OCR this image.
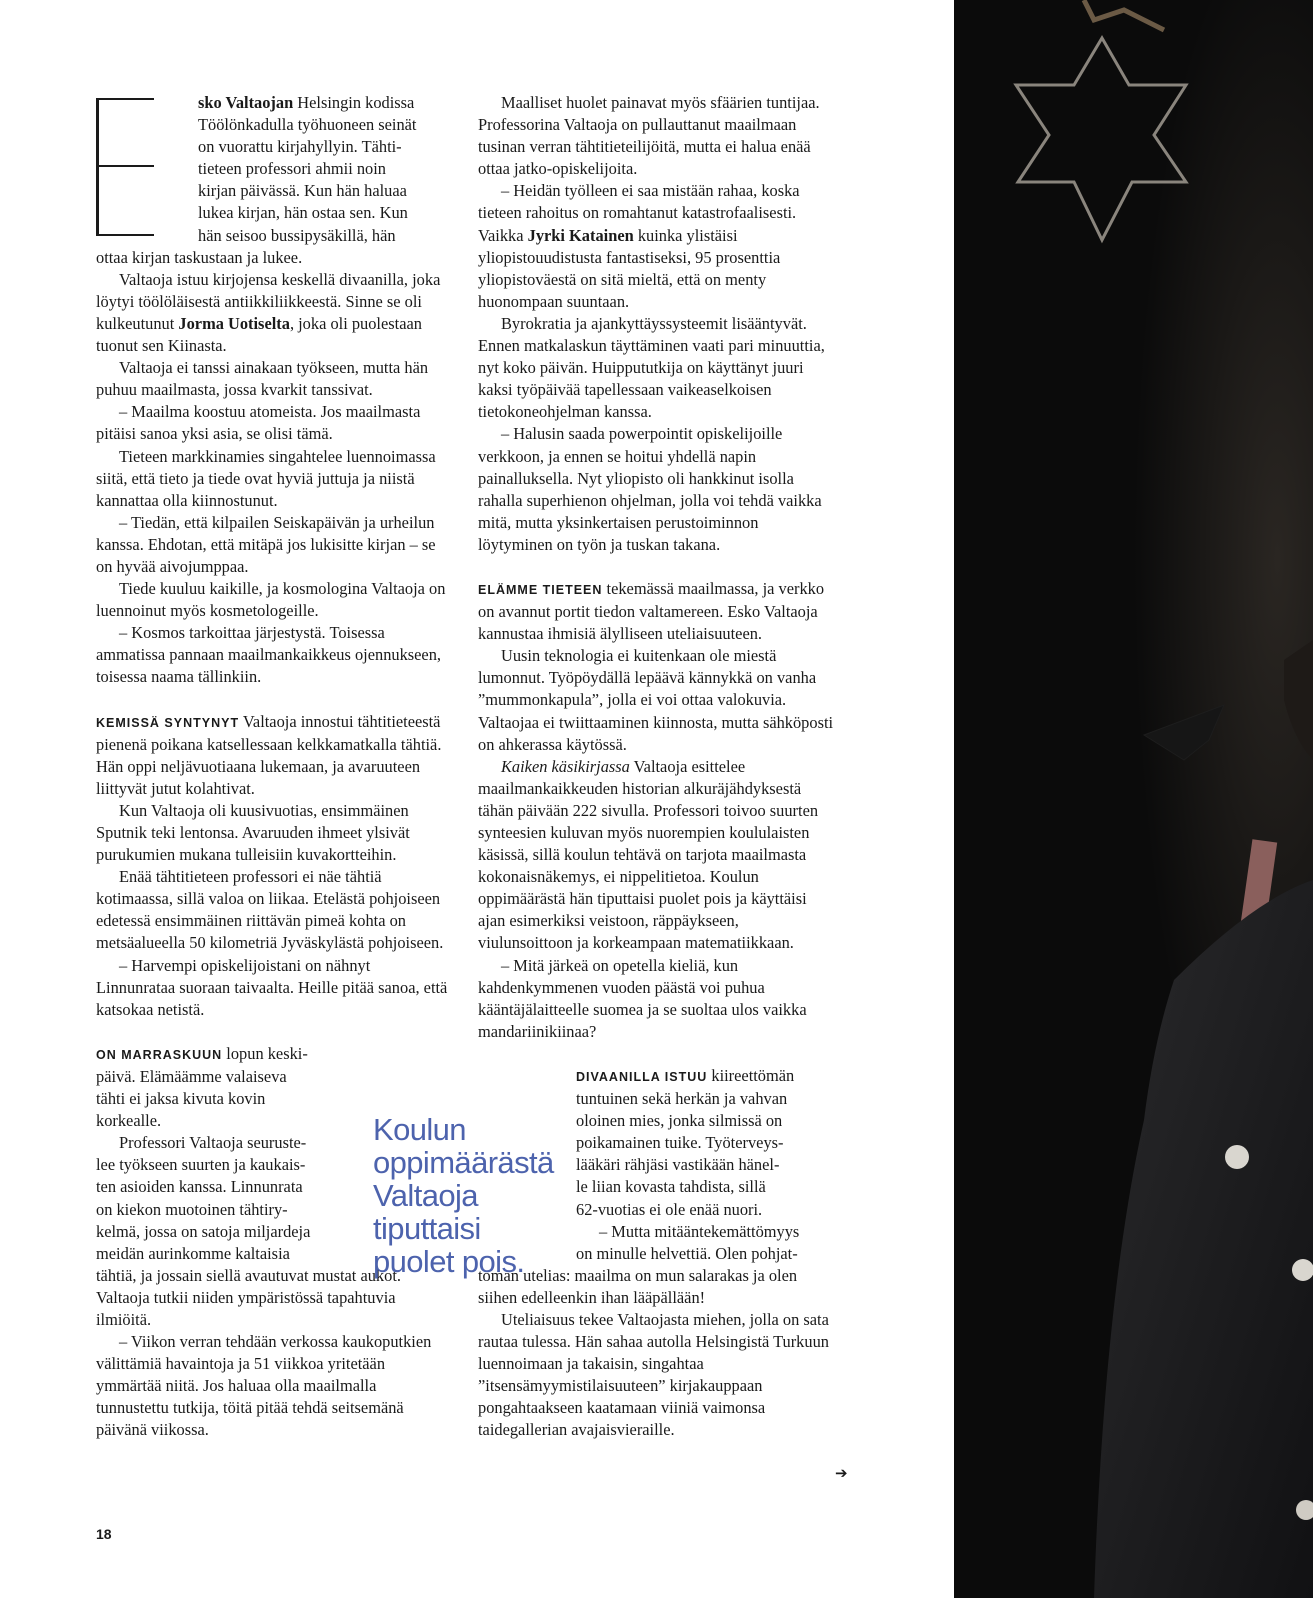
sko Valtaojan Helsingin kodissa
Töölönkadulla työhuoneen seinät
on vuorattu kirjahyllyin. Tähti-
tieteen professori ahmii noin
kirjan päivässä. Kun hän haluaa
lukea kirjan, hän ostaa sen. Kun
hän seisoo bussipysäkillä, hän
ottaa kirjan taskustaan ja lukee.

Valtaoja istuu kirjojensa keskellä divaanilla, joka löytyi töölöläisestä antiikkiliikkeestä. Sinne se oli kulkeutunut Jorma Uotiselta, joka oli puolestaan tuonut sen Kiinasta.

Valtaoja ei tanssi ainakaan työkseen, mutta hän puhuu maailmasta, jossa kvarkit tanssivat.

– Maailma koostuu atomeista. Jos maailmasta pitäisi sanoa yksi asia, se olisi tämä.

Tieteen markkinamies singahtelee luennoimassa siitä, että tieto ja tiede ovat hyviä juttuja ja niistä kannattaa olla kiinnostunut.

– Tiedän, että kilpailen Seiskapäivän ja urheilun kanssa. Ehdotan, että mitäpä jos lukisitte kirjan – se on hyvää aivojumppaa.

Tiede kuuluu kaikille, ja kosmologina Valtaoja on luennoinut myös kosmetologeille.

– Kosmos tarkoittaa järjestystä. Toisessa ammatissa pannaan maailmankaikkeus ojennukseen, toisessa naama tällinkiin.

KEMISSÄ SYNTYNYT Valtaoja innostui tähtitieteestä pienenä poikana katsellessaan kelkkamatkalla tähtiä. Hän oppi neljävuotiaana lukemaan, ja avaruuteen liittyvät jutut kolahtivat.

Kun Valtaoja oli kuusivuotias, ensimmäinen Sputnik teki lentonsa. Avaruuden ihmeet ylsivät purukumien mukana tulleisiin kuvakortteihin.

Enää tähtitieteen professori ei näe tähtiä kotimaassa, sillä valoa on liikaa. Etelästä pohjoiseen edetessä ensimmäinen riittävän pimeä kohta on metsäalueella 50 kilometriä Jyväskylästä pohjoiseen.

– Harvempi opiskelijoistani on nähnyt Linnunrataa suoraan taivaalta. Heille pitää sanoa, että katsokaa netistä.

ON MARRASKUUN lopun keski-
päivä. Elämäämme valaiseva
tähti ei jaksa kivuta kovin
korkealle.
Professori Valtaoja seuruste-
lee työkseen suurten ja kaukais-
ten asioiden kanssa. Linnunrata
on kiekon muotoinen tähtiry-
kelmä, jossa on satoja miljardeja
meidän aurinkomme kaltaisia

tähtiä, ja jossain siellä avautuvat mustat aukot. Valtaoja tutkii niiden ympäristössä tapahtuvia ilmiöitä.

– Viikon verran tehdään verkossa kaukoputkien välittämiä havaintoja ja 51 viikkoa yritetään ymmärtää niitä. Jos haluaa olla maailmalla tunnustettu tutkija, töitä pitää tehdä seitsemänä päivänä viikossa.

Koulun oppimäärästä Valtaoja tiputtaisi puolet pois.

Maalliset huolet painavat myös sfäärien tuntijaa. Professorina Valtaoja on pullauttanut maailmaan tusinan verran tähtitieteilijöitä, mutta ei halua enää ottaa jatko-opiskelijoita.

– Heidän työlleen ei saa mistään rahaa, koska tieteen rahoitus on romahtanut katastrofaalisesti. Vaikka Jyrki Katainen kuinka ylistäisi yliopistouudistusta fantastiseksi, 95 prosenttia yliopistoväestä on sitä mieltä, että on menty huonompaan suuntaan.

Byrokratia ja ajankyttäyssysteemit lisääntyvät. Ennen matkalaskun täyttäminen vaati pari minuuttia, nyt koko päivän. Huippututkija on käyttänyt juuri kaksi työpäivää tapellessaan vaikeaselkoisen tietokoneohjelman kanssa.

– Halusin saada powerpointit opiskelijoille verkkoon, ja ennen se hoitui yhdellä napin painalluksella. Nyt yliopisto oli hankkinut isolla rahalla superhienon ohjelman, jolla voi tehdä vaikka mitä, mutta yksinkertaisen perustoiminnon löytyminen on työn ja tuskan takana.

ELÄMME TIETEEN tekemässä maailmassa, ja verkko on avannut portit tiedon valtamereen. Esko Valtaoja kannustaa ihmisiä älylliseen uteliaisuuteen.

Uusin teknologia ei kuitenkaan ole miestä lumonnut. Työpöydällä lepäävä kännykkä on vanha ”mummonkapula”, jolla ei voi ottaa valokuvia. Valtaojaa ei twiittaaminen kiinnosta, mutta sähköposti on ahkerassa käytössä.

Kaiken käsikirjassa Valtaoja esittelee maailmankaikkeuden historian alkuräjähdyksestä tähän päivään 222 sivulla. Professori toivoo suurten synteesien kuluvan myös nuorempien koululaisten käsissä, sillä koulun tehtävä on tarjota maailmasta kokonaisnäkemys, ei nippelitietoa. Koulun oppimäärästä hän tiputtaisi puolet pois ja käyttäisi ajan esimerkiksi veistoon, räppäykseen, viulunsoittoon ja korkeampaan matematiikkaan.

– Mitä järkeä on opetella kieliä, kun kahdenkymmenen vuoden päästä voi puhua kääntäjälaitteelle suomea ja se suoltaa ulos vaikka mandariinikiinaa?

DIVAANILLA ISTUU kiireettömän
tuntuinen sekä herkän ja vahvan
oloinen mies, jonka silmissä on
poikamainen tuike. Työterveys-
lääkäri rähjäsi vastikään hänel-
le liian kovasta tahdista, sillä
62-vuotias ei ole enää nuori.
– Mutta mitääntekemättömyys
on minulle helvettiä. Olen pohjat-

toman utelias: maailma on mun salarakas ja olen siihen edelleenkin ihan lääpällään!

Uteliaisuus tekee Valtaojasta miehen, jolla on sata rautaa tulessa. Hän sahaa autolla Helsingistä Turkuun luennoimaan ja takaisin, singahtaa ”itsensämyymistilaisuuteen” kirjakauppaan pongahtaakseen kaatamaan viiniä vaimonsa taidegallerian avajaisvieraille.

➔
18
